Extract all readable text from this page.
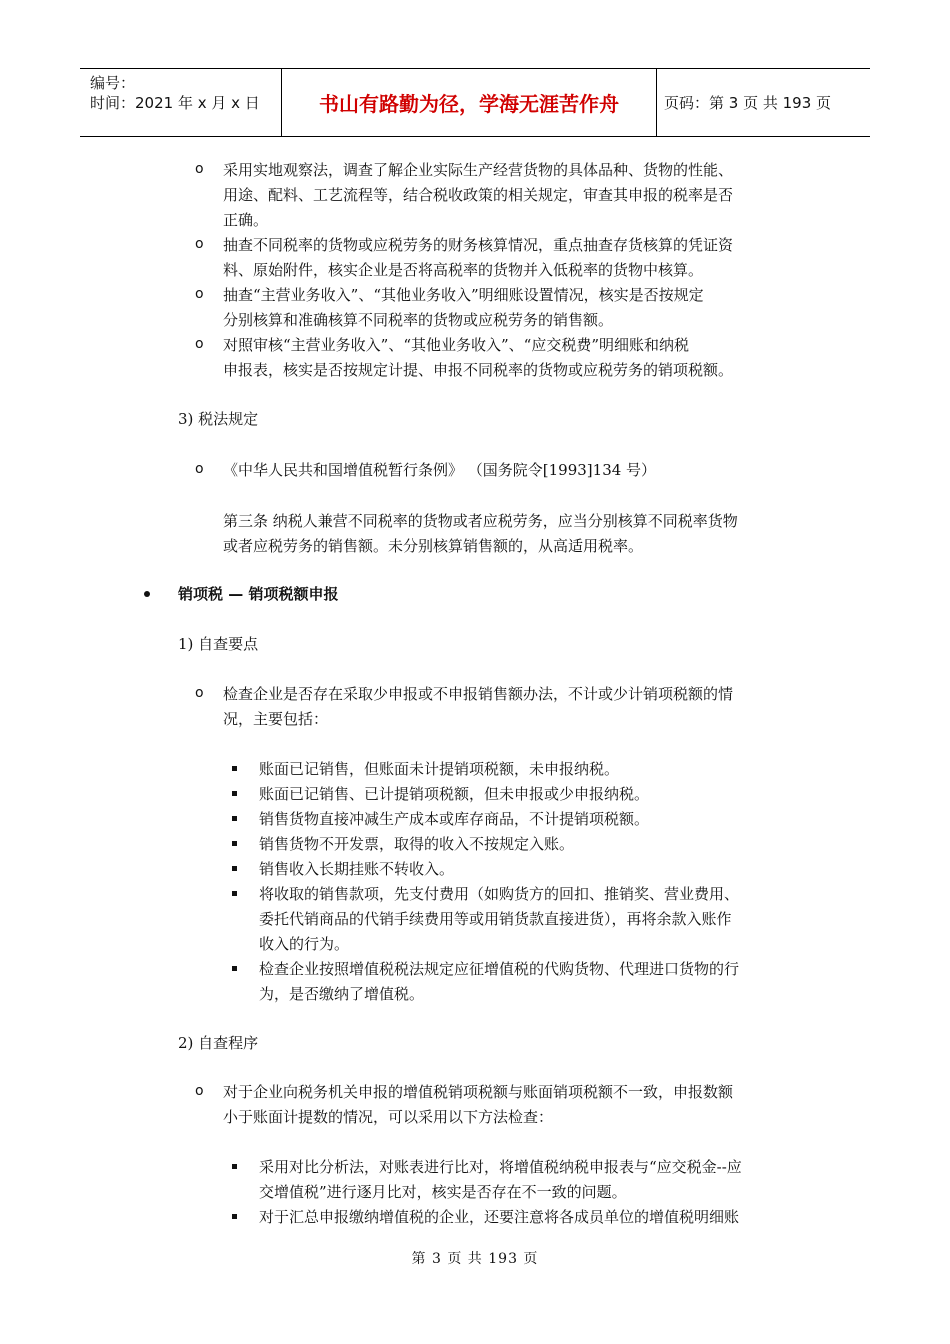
编号：
时间：2021 年 x 月 x 日	书山有路勤为径，学海无涯苦作舟	页码：第 3 页 共 193 页
o 采用实地观察法，调查了解企业实际生产经营货物的具体品种、货物的性能、
用途、配料、工艺流程等，结合税收政策的相关规定，审查其申报的税率是否
正确。
o 抽查不同税率的货物或应税劳务的财务核算情况，重点抽查存货核算的凭证资
料、原始附件，核实企业是否将高税率的货物并入低税率的货物中核算。
o 抽查“主营业务收入”、“其他业务收入”明细账设置情况，核实是否按规定
分别核算和准确核算不同税率的货物或应税劳务的销售额。
o 对照审核“主营业务收入”、“其他业务收入”、“应交税费”明细账和纳税
申报表，核实是否按规定计提、申报不同税率的货物或应税劳务的销项税额。
3) 税法规定
o 《中华人民共和国增值税暂行条例》 （国务院令[1993]134 号）
第三条 纳税人兼营不同税率的货物或者应税劳务，应当分别核算不同税率货物
或者应税劳务的销售额。未分别核算销售额的，从高适用税率。
销项税 — 销项税额申报
1) 自查要点
o 检查企业是否存在采取少申报或不申报销售额办法，不计或少计销项税额的情
况，主要包括：
账面已记销售，但账面未计提销项税额，未申报纳税。
账面已记销售、已计提销项税额，但未申报或少申报纳税。
销售货物直接冲减生产成本或库存商品，不计提销项税额。
销售货物不开发票，取得的收入不按规定入账。
销售收入长期挂账不转收入。
将收取的销售款项，先支付费用（如购货方的回扣、推销奖、营业费用、
委托代销商品的代销手续费用等或用销货款直接进货），再将余款入账作
收入的行为。
检查企业按照增值税税法规定应征增值税的代购货物、代理进口货物的行
为，是否缴纳了增值税。
2) 自查程序
o 对于企业向税务机关申报的增值税销项税额与账面销项税额不一致，申报数额
小于账面计提数的情况，可以采用以下方法检查：
采用对比分析法，对账表进行比对，将增值税纳税申报表与“应交税金--应
交增值税”进行逐月比对，核实是否存在不一致的问题。
对于汇总申报缴纳增值税的企业，还要注意将各成员单位的增值税明细账
第 3 页 共 193 页
